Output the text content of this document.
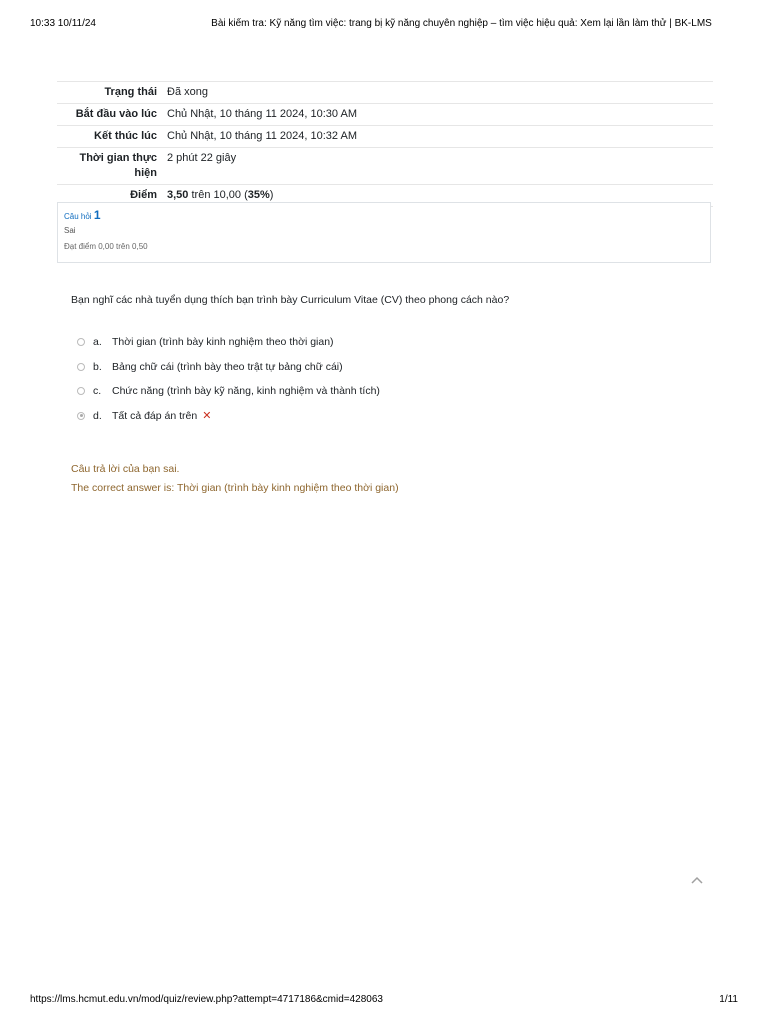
10:33 10/11/24	Bài kiểm tra: Kỹ năng tìm việc: trang bị kỹ năng chuyên nghiệp – tìm việc hiệu quả: Xem lại lần làm thử | BK-LMS
Trạng thái	Đã xong
Bắt đầu vào lúc	Chủ Nhật, 10 tháng 11 2024, 10:30 AM
Kết thúc lúc	Chủ Nhật, 10 tháng 11 2024, 10:32 AM
Thời gian thực hiện	2 phút 22 giây
Điểm	3,50 trên 10,00 (35%)
Câu hỏi 1
Sai
Đạt điểm 0,00 trên 0,50
Bạn nghĩ các nhà tuyển dụng thích bạn trình bày Curriculum Vitae (CV) theo phong cách nào?
a. Thời gian (trình bày kinh nghiệm theo thời gian)
b. Bảng chữ cái (trình bày theo trật tự bảng chữ cái)
c.	Chức năng (trình bày kỹ năng, kinh nghiệm và thành tích)
d. Tất cả đáp án trên ✕
Câu trả lời của bạn sai.
The correct answer is: Thời gian (trình bày kinh nghiệm theo thời gian)
https://lms.hcmut.edu.vn/mod/quiz/review.php?attempt=4717186&cmid=428063	1/11
